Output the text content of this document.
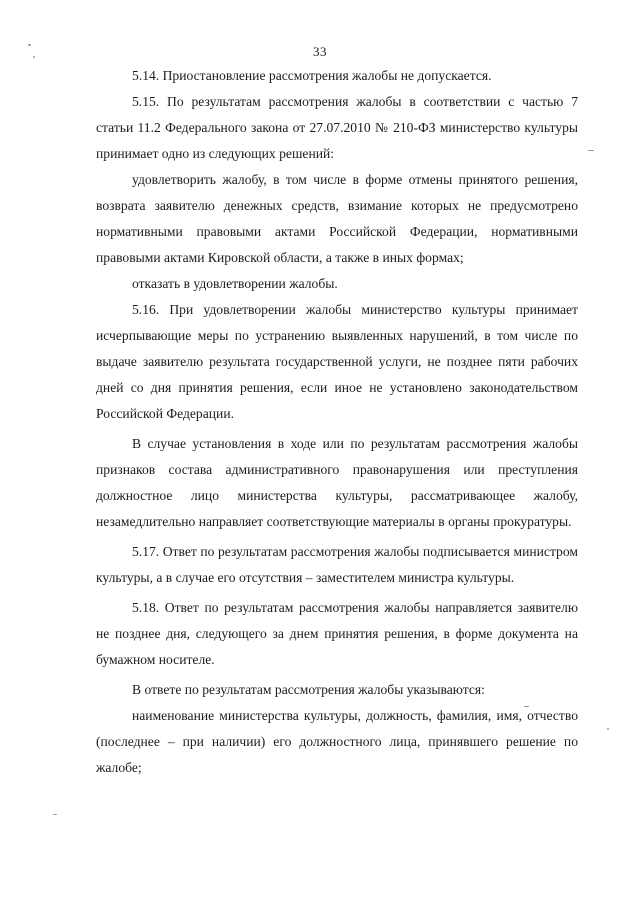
33

5.14. Приостановление рассмотрения жалобы не допускается.

5.15. По результатам рассмотрения жалобы в соответствии с частью 7 статьи 11.2 Федерального закона от 27.07.2010 № 210-ФЗ министерство культуры принимает одно из следующих решений:

удовлетворить жалобу, в том числе в форме отмены принятого решения, возврата заявителю денежных средств, взимание которых не предусмотрено нормативными правовыми актами Российской Федерации, нормативными правовыми актами Кировской области, а также в иных формах;

отказать в удовлетворении жалобы.

5.16. При удовлетворении жалобы министерство культуры принимает исчерпывающие меры по устранению выявленных нарушений, в том числе по выдаче заявителю результата государственной услуги, не позднее пяти рабочих дней со дня принятия решения, если иное не установлено законодательством Российской Федерации.

В случае установления в ходе или по результатам рассмотрения жалобы признаков состава административного правонарушения или преступления должностное лицо министерства культуры, рассматривающее жалобу, незамедлительно направляет соответствующие материалы в органы прокуратуры.

5.17. Ответ по результатам рассмотрения жалобы подписывается министром культуры, а в случае его отсутствия – заместителем министра культуры.

5.18. Ответ по результатам рассмотрения жалобы направляется заявителю не позднее дня, следующего за днем принятия решения, в форме документа на бумажном носителе.

В ответе по результатам рассмотрения жалобы указываются:

наименование министерства культуры, должность, фамилия, имя, отчество (последнее – при наличии) его должностного лица, принявшего решение по жалобе;
